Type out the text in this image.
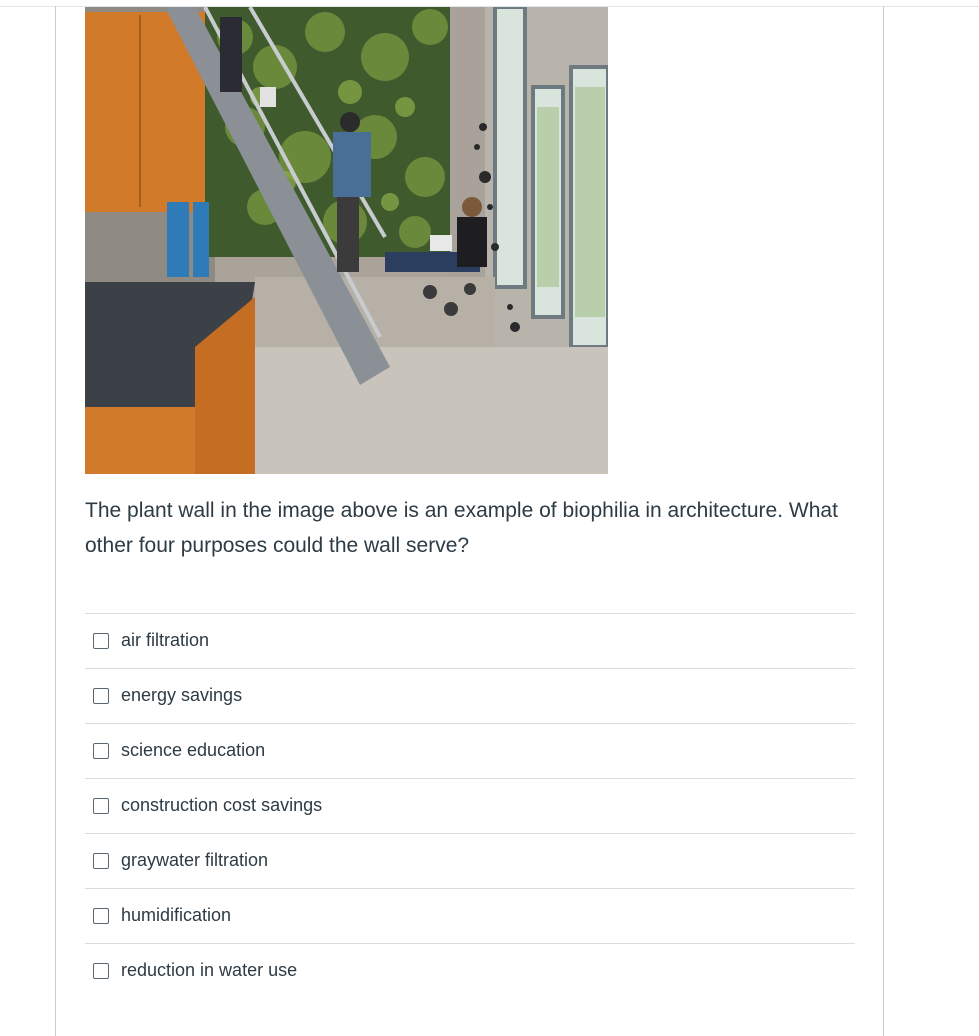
The plant wall in the image above is an example of biophilia in architecture. What other four purposes could the wall serve?

air filtration
energy savings
science education
construction cost savings
graywater filtration
humidification
reduction in water use
